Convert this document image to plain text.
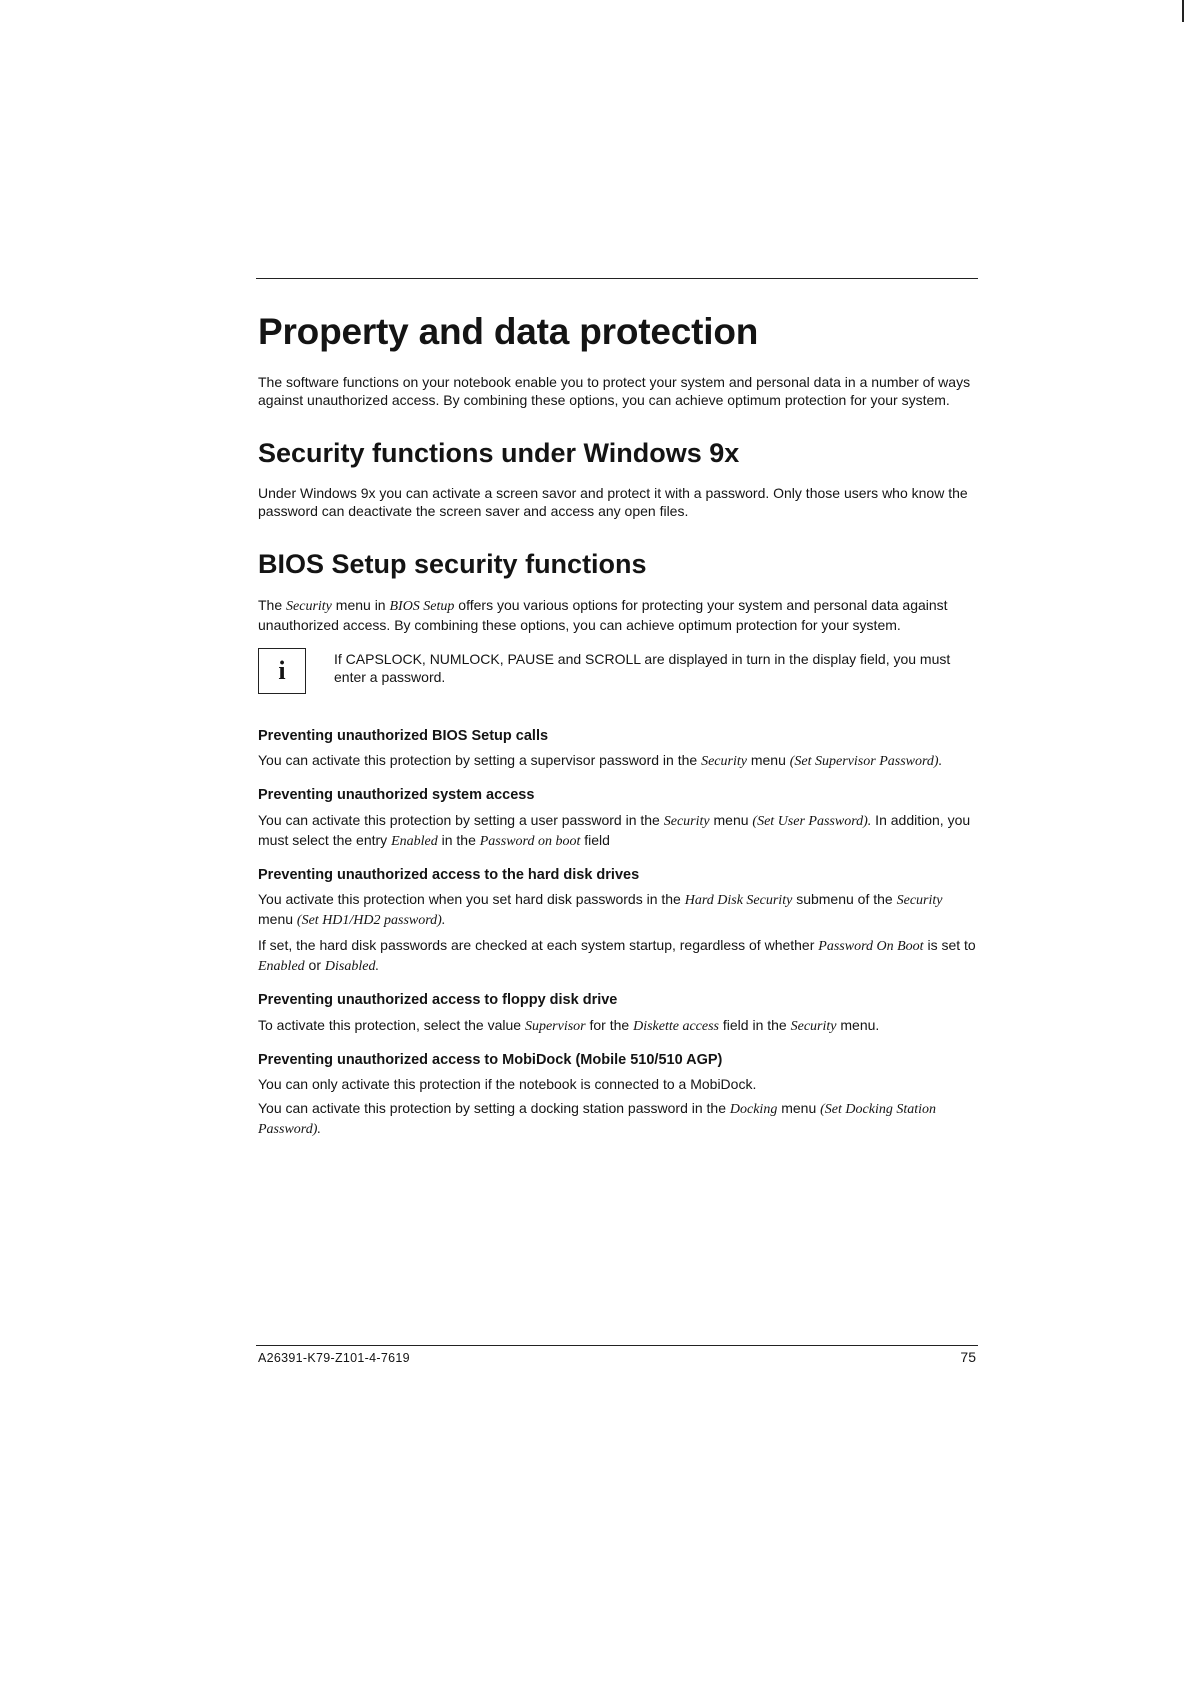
Property and data protection

The software functions on your notebook enable you to protect your system and personal data in a number of ways against unauthorized access. By combining these options, you can achieve optimum protection for your system.

Security functions under Windows 9x

Under Windows 9x you can activate a screen savor and protect it with a password. Only those users who know the password can deactivate the screen saver and access any open files.

BIOS Setup security functions

The Security menu in BIOS Setup offers you various options for protecting your system and personal data against unauthorized access. By combining these options, you can achieve optimum protection for your system.

i	If CAPSLOCK, NUMLOCK, PAUSE and SCROLL are displayed in turn in the display field, you must enter a password.

Preventing unauthorized BIOS Setup calls

You can activate this protection by setting a supervisor password in the Security menu (Set Supervisor Password).

Preventing unauthorized system access

You can activate this protection by setting a user password in the Security menu (Set User Password). In addition, you must select the entry Enabled in the Password on boot field

Preventing unauthorized access to the hard disk drives

You activate this protection when you set hard disk passwords in the Hard Disk Security submenu of the Security menu (Set HD1/HD2 password).

If set, the hard disk passwords are checked at each system startup, regardless of whether Password On Boot is set to Enabled or Disabled.

Preventing unauthorized access to floppy disk drive

To activate this protection, select the value Supervisor for the Diskette access field in the Security menu.

Preventing unauthorized access to MobiDock (Mobile 510/510 AGP)

You can only activate this protection if the notebook is connected to a MobiDock.

You can activate this protection by setting a docking station password in the Docking menu (Set Docking Station Password).

A26391-K79-Z101-4-7619	75
